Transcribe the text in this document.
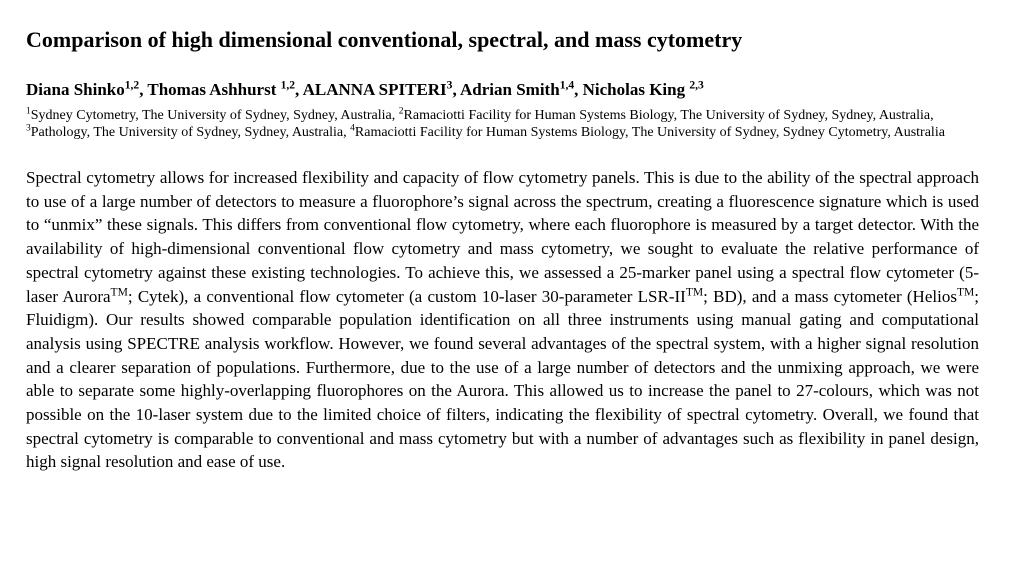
Comparison of high dimensional conventional, spectral, and mass cytometry
Diana Shinko$^{1,2}$, Thomas Ashhurst $^{1,2}$, ALANNA SPITERI$^3$, Adrian Smith$^{1,4}$, Nicholas King $^{2,3}$
$^1$Sydney Cytometry, The University of Sydney, Sydney, Australia, $^2$Ramaciotti Facility for Human Systems Biology, The University of Sydney, Sydney, Australia, $^3$Pathology, The University of Sydney, Sydney, Australia, $^4$Ramaciotti Facility for Human Systems Biology, The University of Sydney, Sydney Cytometry, Australia

Spectral cytometry allows for increased flexibility and capacity of flow cytometry panels. This is due to the ability of the spectral approach to use of a large number of detectors to measure a fluorophore’s signal across the spectrum, creating a fluorescence signature which is used to “unmix” these signals. This differs from conventional flow cytometry, where each fluorophore is measured by a target detector. With the availability of high-dimensional conventional flow cytometry and mass cytometry, we sought to evaluate the relative performance of spectral cytometry against these existing technologies. To achieve this, we assessed a 25-marker panel using a spectral flow cytometer (5-laser Aurora™; Cytek), a conventional flow cytometer (a custom 10-laser 30-parameter LSR-II™; BD), and a mass cytometer (Helios™; Fluidigm). Our results showed comparable population identification on all three instruments using manual gating and computational analysis using SPECTRE analysis workflow. However, we found several advantages of the spectral system, with a higher signal resolution and a clearer separation of populations. Furthermore, due to the use of a large number of detectors and the unmixing approach, we were able to separate some highly-overlapping fluorophores on the Aurora. This allowed us to increase the panel to 27-colours, which was not possible on the 10-laser system due to the limited choice of filters, indicating the flexibility of spectral cytometry. Overall, we found that spectral cytometry is comparable to conventional and mass cytometry but with a number of advantages such as flexibility in panel design, high signal resolution and ease of use.
